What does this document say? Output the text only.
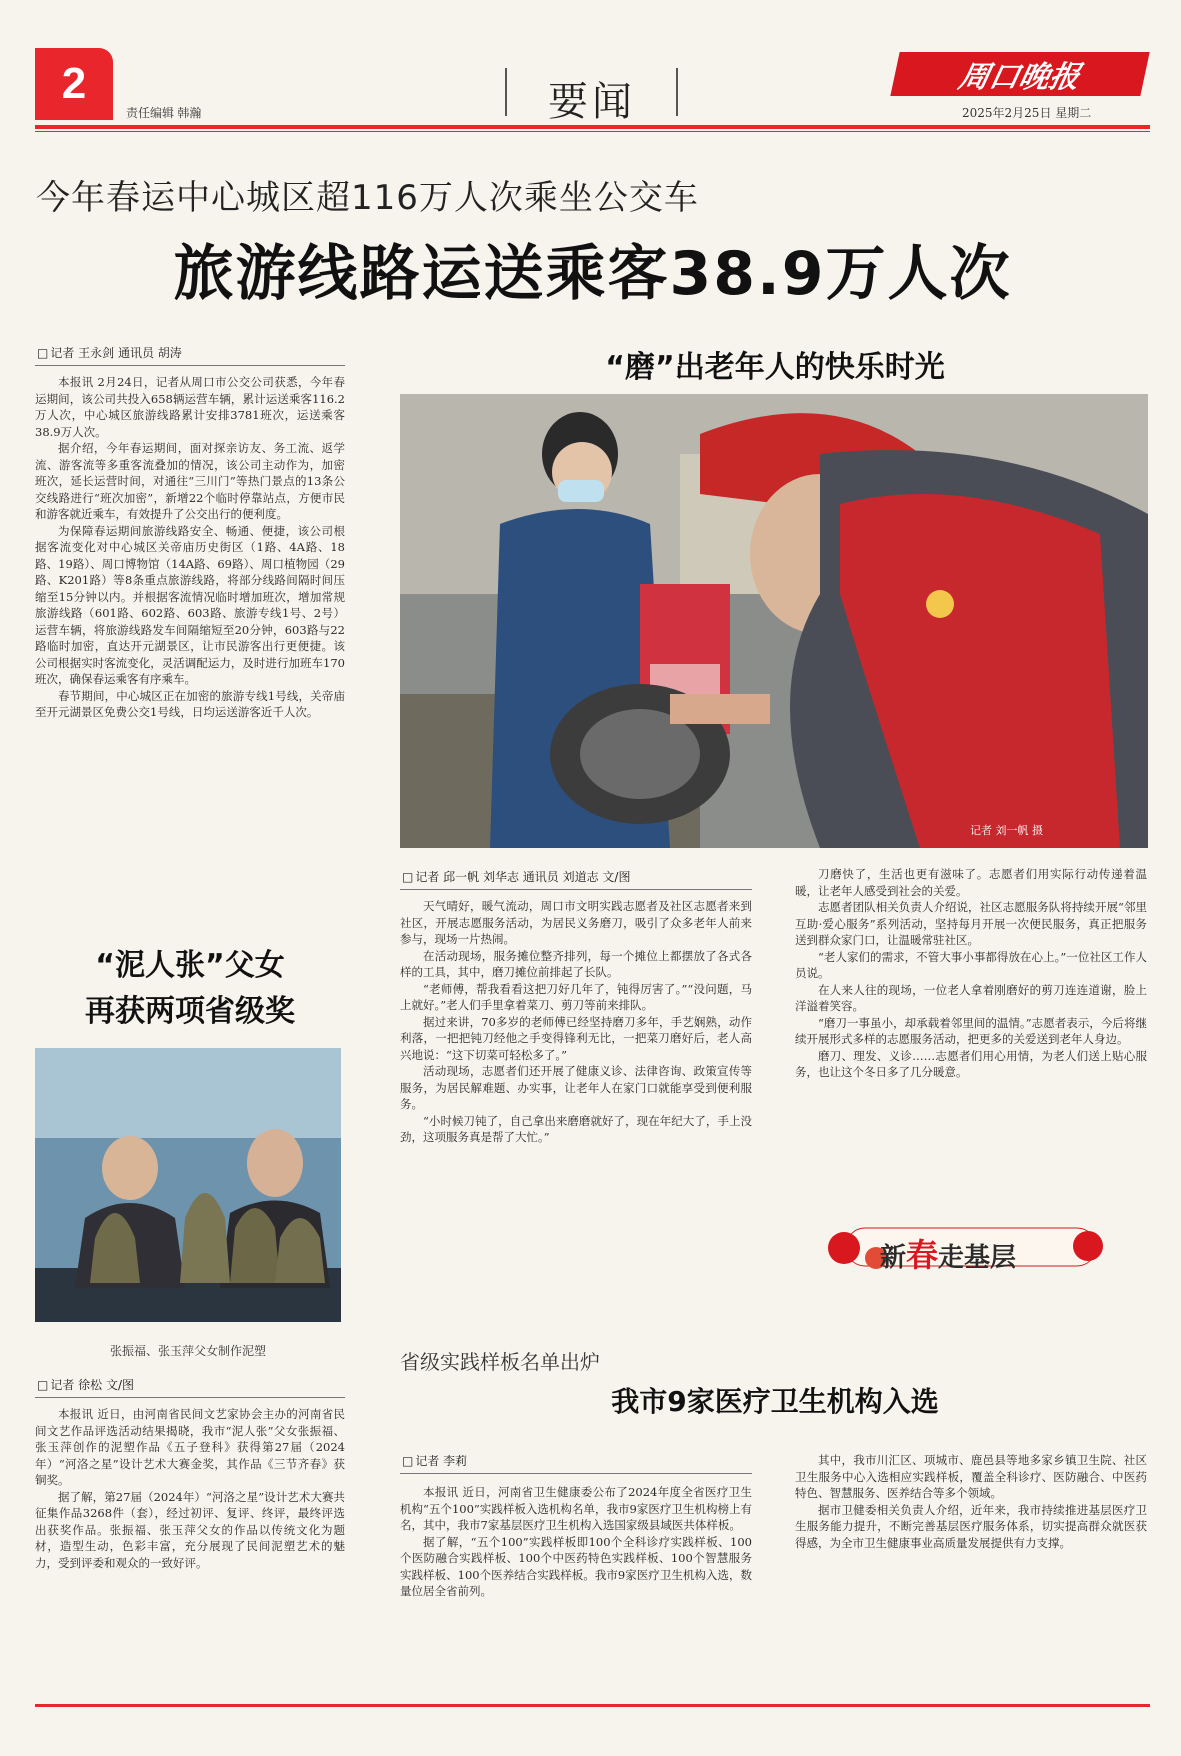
2
责任编辑 韩瀚	要闻
周口晚报
2025年2月25日 星期二
今年春运中心城区超116万人次乘坐公交车
旅游线路运送乘客38.9万人次
□ 记者 王永剑 通讯员 胡涛

本报讯 2月24日，记者从周口市公交公司获悉，今年春运期间，该公司共投入658辆运营车辆，累计运送乘客116.2万人次，中心城区旅游线路累计安排3781班次，运送乘客38.9万人次。

据介绍，今年春运期间，面对探亲访友、务工流、返学流、游客流等多重客流叠加的情况，该公司主动作为，加密班次，延长运营时间，对通往“三川门”等热门景点的13条公交线路进行“班次加密”，新增22个临时停靠站点，方便市民和游客就近乘车，有效提升了公交出行的便利度。

为保障春运期间旅游线路安全、畅通、便捷，该公司根据客流变化对中心城区关帝庙历史街区（1路、4A路、18路、19路）、周口博物馆（14A路、69路）、周口植物园（29路、K201路）等8条重点旅游线路，将部分线路间隔时间压缩至15分钟以内。并根据客流情况临时增加班次，增加常规旅游线路（601路、602路、603路、旅游专线1号、2号）运营车辆，将旅游线路发车间隔缩短至20分钟，603路与22路临时加密，直达开元湖景区，让市民游客出行更便捷。该公司根据实时客流变化，灵活调配运力，及时进行加班车170班次，确保春运乘客有序乘车。

春节期间，中心城区正在加密的旅游专线1号线，关帝庙至开元湖景区免费公交1号线，日均运送游客近千人次。

“磨”出老年人的快乐时光
记者 刘一帆 摄
□ 记者 邱一帆 刘华志 通讯员 刘道志 文/图

天气晴好，暖气流动，周口市文明实践志愿者及社区志愿者来到社区，开展志愿服务活动，为居民义务磨刀，吸引了众多老年人前来参与，现场一片热闹。

在活动现场，服务摊位整齐排列，每一个摊位上都摆放了各式各样的工具，其中，磨刀摊位前排起了长队。

“老师傅，帮我看看这把刀好几年了，钝得厉害了。”“没问题，马上就好。”老人们手里拿着菜刀、剪刀等前来排队。

据过来讲，70多岁的老师傅已经坚持磨刀多年，手艺娴熟，动作利落，一把把钝刀经他之手变得锋利无比，一把菜刀磨好后，老人高兴地说：“这下切菜可轻松多了。”

活动现场，志愿者们还开展了健康义诊、法律咨询、政策宣传等服务，为居民解难题、办实事，让老年人在家门口就能享受到便利服务。

“小时候刀钝了，自己拿出来磨磨就好了，现在年纪大了，手上没劲，这项服务真是帮了大忙。”

刀磨快了，生活也更有滋味了。志愿者们用实际行动传递着温暖，让老年人感受到社会的关爱。

志愿者团队相关负责人介绍说，社区志愿服务队将持续开展“邻里互助·爱心服务”系列活动，坚持每月开展一次便民服务，真正把服务送到群众家门口，让温暖常驻社区。

“老人家们的需求，不管大事小事都得放在心上。”一位社区工作人员说。

在人来人往的现场，一位老人拿着刚磨好的剪刀连连道谢，脸上洋溢着笑容。

“磨刀一事虽小，却承载着邻里间的温情。”志愿者表示，今后将继续开展形式多样的志愿服务活动，把更多的关爱送到老年人身边。

磨刀、理发、义诊……志愿者们用心用情，为老人们送上贴心服务，也让这个冬日多了几分暖意。

“泥人张”父女
再获两项省级奖
张振福、张玉萍父女制作泥塑
□ 记者 徐松 文/图

本报讯 近日，由河南省民间文艺家协会主办的河南省民间文艺作品评选活动结果揭晓，我市“泥人张”父女张振福、张玉萍创作的泥塑作品《五子登科》获得第27届（2024年）“河洛之星”设计艺术大赛金奖，其作品《三节齐春》获铜奖。

据了解，第27届（2024年）“河洛之星”设计艺术大赛共征集作品3268件（套），经过初评、复评、终评，最终评选出获奖作品。张振福、张玉萍父女的作品以传统文化为题材，造型生动，色彩丰富，充分展现了民间泥塑艺术的魅力，受到评委和观众的一致好评。

新春走基层
省级实践样板名单出炉
我市9家医疗卫生机构入选
□ 记者 李莉

本报讯 近日，河南省卫生健康委公布了2024年度全省医疗卫生机构“五个100”实践样板入选机构名单，我市9家医疗卫生机构榜上有名，其中，我市7家基层医疗卫生机构入选国家级县域医共体样板。

据了解，“五个100”实践样板即100个全科诊疗实践样板、100个医防融合实践样板、100个中医药特色实践样板、100个智慧服务实践样板、100个医养结合实践样板。我市9家医疗卫生机构入选，数量位居全省前列。

其中，我市川汇区、项城市、鹿邑县等地多家乡镇卫生院、社区卫生服务中心入选相应实践样板，覆盖全科诊疗、医防融合、中医药特色、智慧服务、医养结合等多个领域。

据市卫健委相关负责人介绍，近年来，我市持续推进基层医疗卫生服务能力提升，不断完善基层医疗服务体系，切实提高群众就医获得感，为全市卫生健康事业高质量发展提供有力支撑。
